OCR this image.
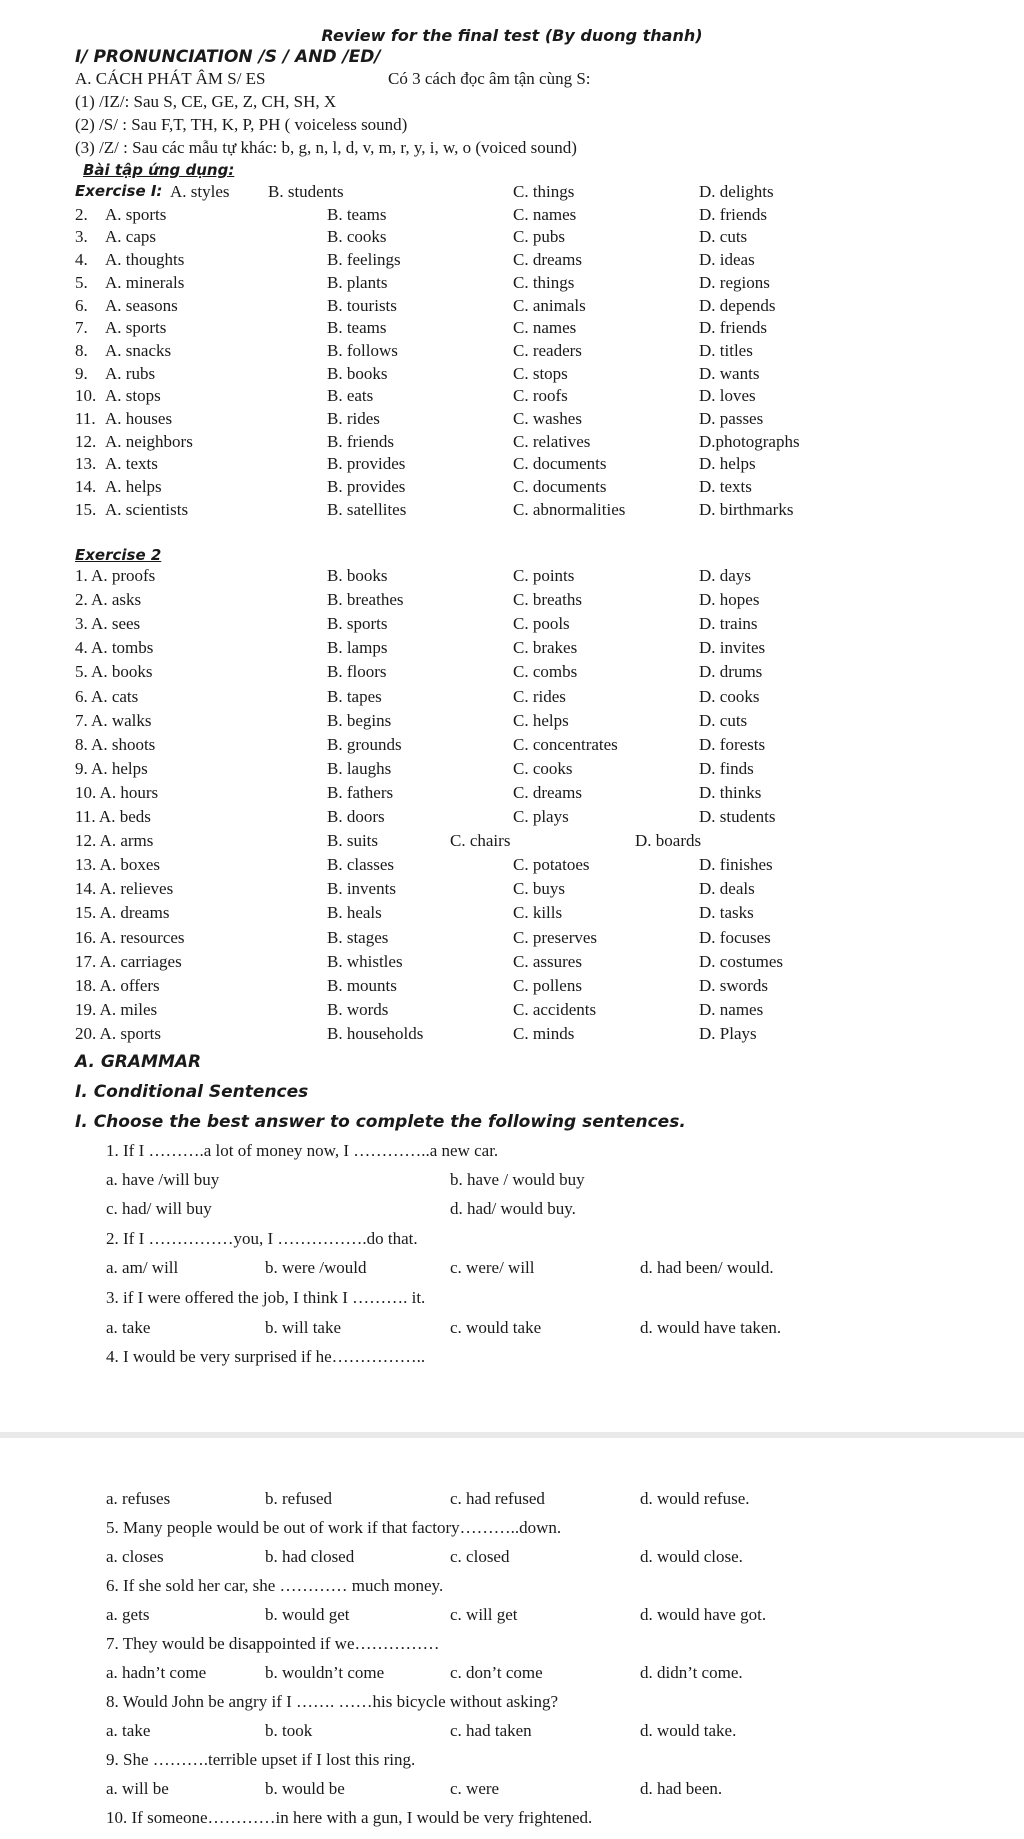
Review for the final test (By duong thanh)
I/ PRONUNCIATION /S / AND /ED/
A. CÁCH PHÁT ÂM S/ ES	Có 3 cách đọc âm tận cùng S:
(1) /IZ/: Sau S, CE, GE, Z, CH, SH, X
(2) /S/ : Sau F,T, TH, K, P, PH ( voiceless sound)
(3) /Z/ : Sau các mẫu tự khác: b, g, n, l, d, v, m, r, y, i, w, o (voiced sound)
Bài tập ứng dụng:
Exercise I: A. styles B. students	C. things	D. delights
2. A. sports	B. teams	C. names	D. friends
3. A. caps	B. cooks	C. pubs	D. cuts
4. A. thoughts	B. feelings	C. dreams	D. ideas
5. A. minerals	B. plants	C. things	D. regions
6. A. seasons	B. tourists	C. animals	D. depends
7. A. sports	B. teams	C. names	D. friends
8. A. snacks	B. follows	C. readers	D. titles
9. A. rubs	B. books	C. stops	D. wants
10. A. stops	B. eats	C. roofs	D. loves
11. A. houses	B. rides	C. washes	D. passes
12. A. neighbors	B. friends	C. relatives	D.photographs
13. A. texts	B. provides	C. documents	D. helps
14. A. helps	B. provides	C. documents	D. texts
15. A. scientists	B. satellites	C. abnormalities	D. birthmarks
Exercise 2
1. A. proofs	B. books	C. points	D. days
2. A. asks	B. breathes	C. breaths	D. hopes
3. A. sees	B. sports	C. pools	D. trains
4. A. tombs	B. lamps	C. brakes	D. invites
5. A. books	B. floors	C. combs	D. drums
6. A. cats	B. tapes	C. rides	D. cooks
7. A. walks	B. begins	C. helps	D. cuts
8. A. shoots	B. grounds	C. concentrates	D. forests
9. A. helps	B. laughs	C. cooks	D. finds
10. A. hours	B. fathers	C. dreams	D. thinks
11. A. beds	B. doors	C. plays	D. students
12. A. arms	B. suits	C. chairs	D. boards
13. A. boxes	B. classes	C. potatoes	D. finishes
14. A. relieves	B. invents	C. buys	D. deals
15. A. dreams	B. heals	C. kills	D. tasks
16. A. resources	B. stages	C. preserves	D. focuses
17. A. carriages	B. whistles	C. assures	D. costumes
18. A. offers	B. mounts	C. pollens	D. swords
19. A. miles	B. words	C. accidents	D. names
20. A. sports	B. households	C. minds	D. Plays
A. GRAMMAR
I. Conditional Sentences
I. Choose the best answer to complete the following sentences.
1. If I ……….a lot of money now, I …………..a new car.
a. have /will buy	b. have / would buy
c. had/ will buy	d. had/ would buy.
2. If I ……………you, I …………….do that.
a. am/ will	b. were /would	c. were/ will	d. had been/ would.
3. if I were offered the job, I think I ………. it.
a. take	b. will take	c. would take	d. would have taken.
4. I would be very surprised if he……………..
a. refuses	b. refused	c. had refused	d. would refuse.
5. Many people would be out of work if that factory………..down.
a. closes	b. had closed	c. closed	d. would close.
6. If she sold her car, she ………… much money.
a. gets	b. would get	c. will get	d. would have got.
7. They would be disappointed if we……………
a. hadn’t come	b. wouldn’t come	c. don’t come	d. didn’t come.
8. Would John be angry if I ……. ……his bicycle without asking?
a. take	b. took	c. had taken	d. would take.
9. She ……….terrible upset if I lost this ring.
a. will be	b. would be	c. were	d. had been.
10. If someone…………in here with a gun, I would be very frightened.
